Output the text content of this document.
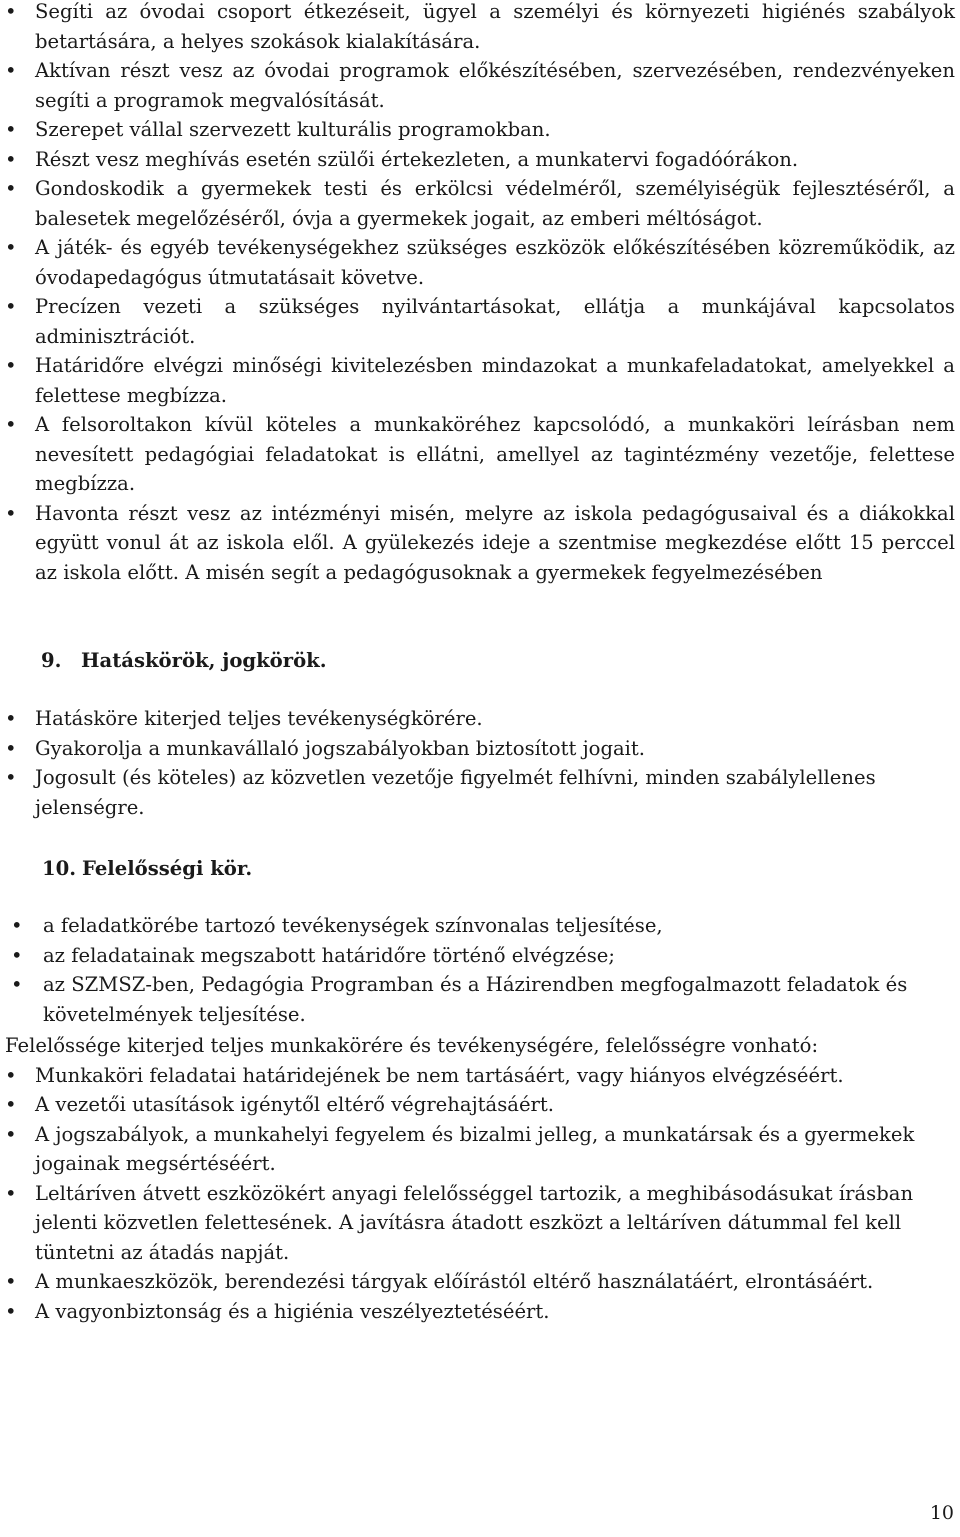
• Segíti az óvodai csoport étkezéseit, ügyel a személyi és környezeti higiénés szabályok betartására, a helyes szokások kialakítására.

• Aktívan részt vesz az óvodai programok előkészítésében, szervezésében, rendezvényeken segíti a programok megvalósítását.

• Szerepet vállal szervezett kulturális programokban.

• Részt vesz meghívás esetén szülői értekezleten, a munkatervi fogadóórákon.

• Gondoskodik a gyermekek testi és erkölcsi védelméről, személyiségük fejlesztéséről, a balesetek megelőzéséről, óvja a gyermekek jogait, az emberi méltóságot.

• A játék- és egyéb tevékenységekhez szükséges eszközök előkészítésében közreműködik, az óvodapedagógus útmutatásait követve.

• Precízen vezeti a szükséges nyilvántartásokat, ellátja a munkájával kapcsolatos adminisztrációt.

• Határidőre elvégzi minőségi kivitelezésben mindazokat a munkafeladatokat, amelyekkel a felettese megbízza.

• A felsoroltakon kívül köteles a munkaköréhez kapcsolódó, a munkaköri leírásban nem nevesített pedagógiai feladatokat is ellátni, amellyel az tagintézmény vezetője, felettese megbízza.

• Havonta részt vesz az intézményi misén, melyre az iskola pedagógusaival és a diákokkal együtt vonul át az iskola elől. A gyülekezés ideje a szentmise megkezdése előtt 15 perccel az iskola előtt. A misén segít a pedagógusoknak a gyermekek fegyelmezésében

9. Hatáskörök, jogkörök.

• Hatásköre kiterjed teljes tevékenységkörére.

• Gyakorolja a munkavállaló jogszabályokban biztosított jogait.

• Jogosult (és köteles) az közvetlen vezetője figyelmét felhívni, minden szabálylellenes jelenségre.

10. Felelősségi kör.

• a feladatkörébe tartozó tevékenységek színvonalas teljesítése,

• az feladatainak megszabott határidőre történő elvégzése;

• az SZMSZ-ben, Pedagógia Programban és a Házirendben megfogalmazott feladatok és követelmények teljesítése.

Felelőssége kiterjed teljes munkakörére és tevékenységére, felelősségre vonható:

• Munkaköri feladatai határidejének be nem tartásáért, vagy hiányos elvégzéséért.

• A vezetői utasítások igénytől eltérő végrehajtásáért.

• A jogszabályok, a munkahelyi fegyelem és bizalmi jelleg, a munkatársak és a gyermekek jogainak megsértéséért.

• Leltáríven átvett eszközökért anyagi felelősséggel tartozik, a meghibásodásukat írásban jelenti közvetlen felettesének. A javításra átadott eszközt a leltáríven dátummal fel kell tüntetni az átadás napját.

• A munkaeszközök, berendezési tárgyak előírástól eltérő használatáért, elrontásáért.

• A vagyonbiztonság és a higiénia veszélyeztetéséért.

10
